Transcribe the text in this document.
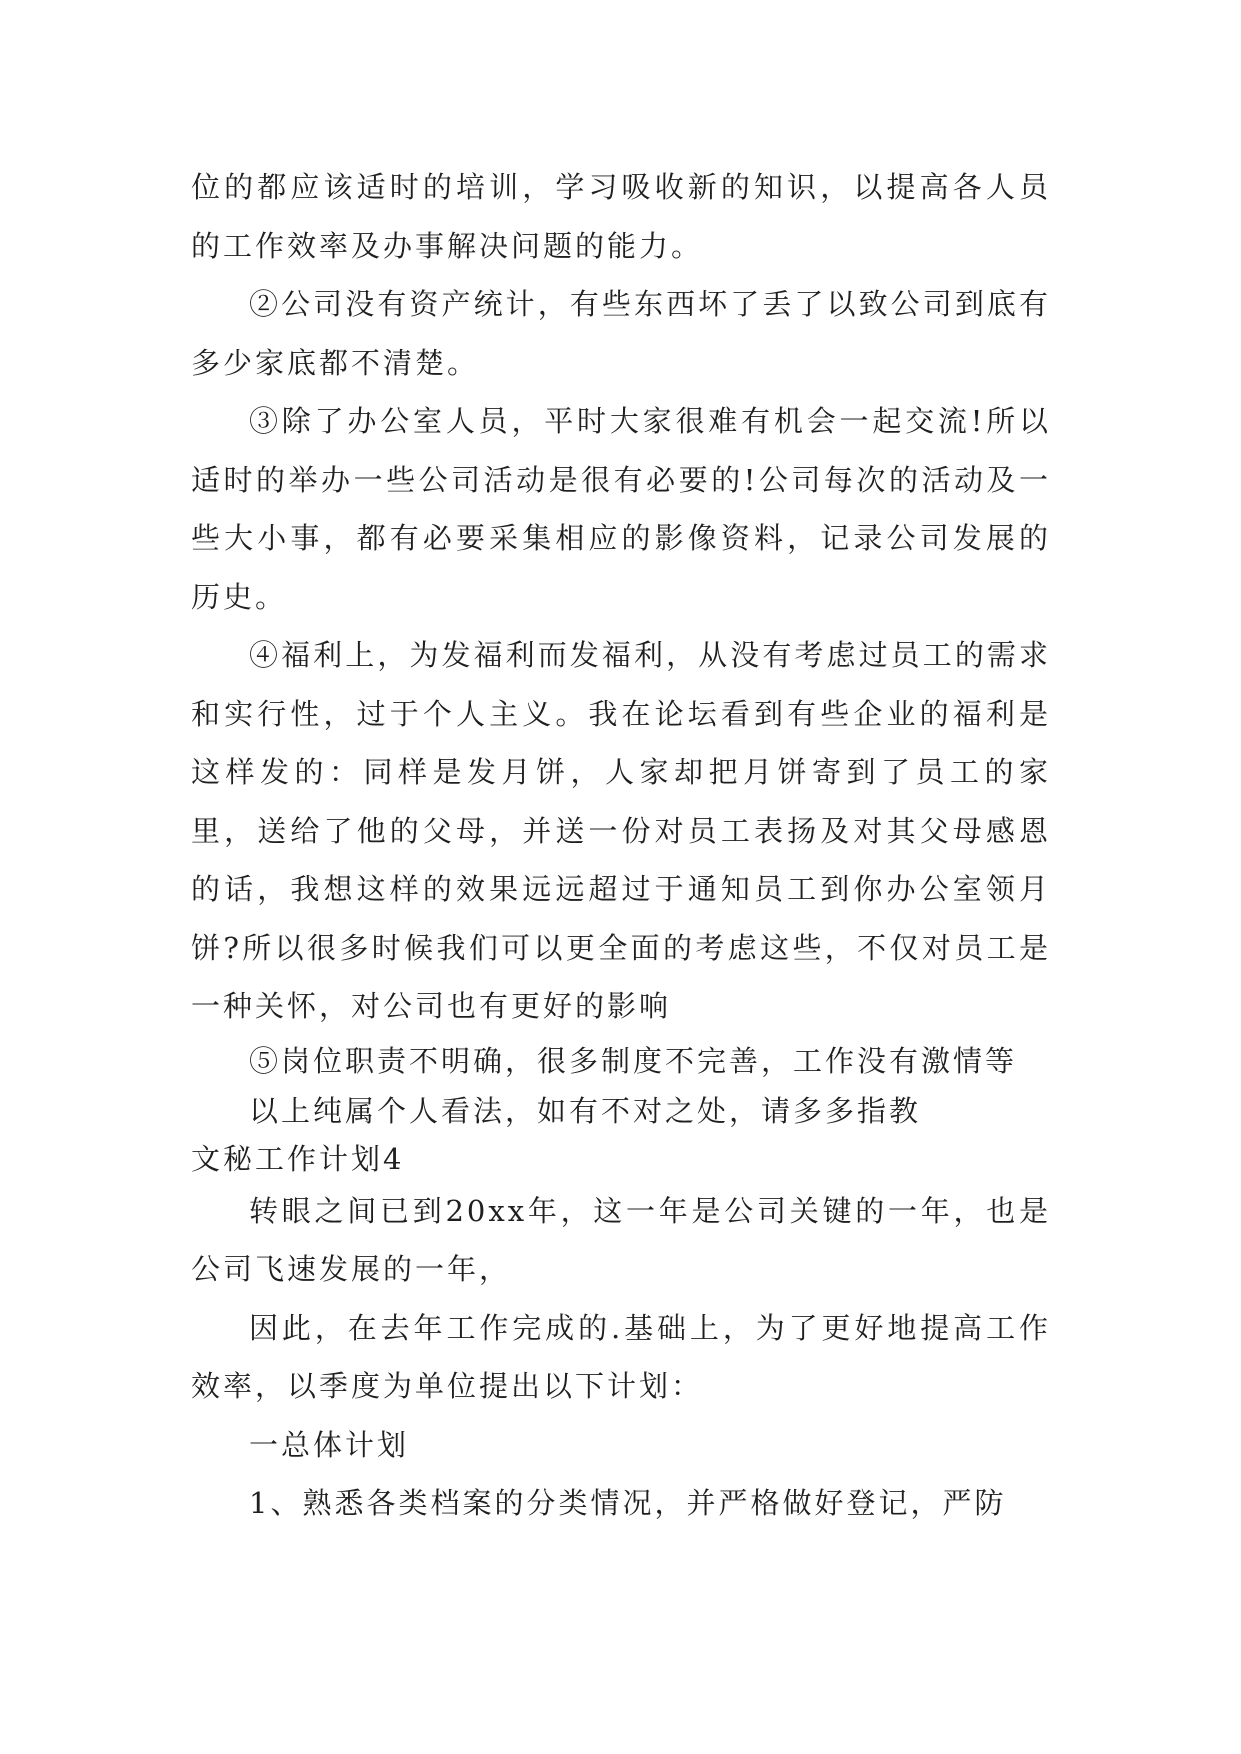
位的都应该适时的培训，学习吸收新的知识，以提高各人员的工作效率及办事解决问题的能力。

②公司没有资产统计，有些东西坏了丢了以致公司到底有多少家底都不清楚。

③除了办公室人员，平时大家很难有机会一起交流!所以适时的举办一些公司活动是很有必要的!公司每次的活动及一些大小事，都有必要采集相应的影像资料，记录公司发展的历史。

④福利上，为发福利而发福利，从没有考虑过员工的需求和实行性，过于个人主义。我在论坛看到有些企业的福利是这样发的：同样是发月饼，人家却把月饼寄到了员工的家里，送给了他的父母，并送一份对员工表扬及对其父母感恩的话，我想这样的效果远远超过于通知员工到你办公室领月饼?所以很多时候我们可以更全面的考虑这些，不仅对员工是一种关怀，对公司也有更好的影响

⑤岗位职责不明确，很多制度不完善，工作没有激情等

以上纯属个人看法，如有不对之处，请多多指教

文秘工作计划4

转眼之间已到20xx年，这一年是公司关键的一年，也是公司飞速发展的一年，

因此，在去年工作完成的.基础上，为了更好地提高工作效率，以季度为单位提出以下计划：

一总体计划

1、熟悉各类档案的分类情况，并严格做好登记，严防
